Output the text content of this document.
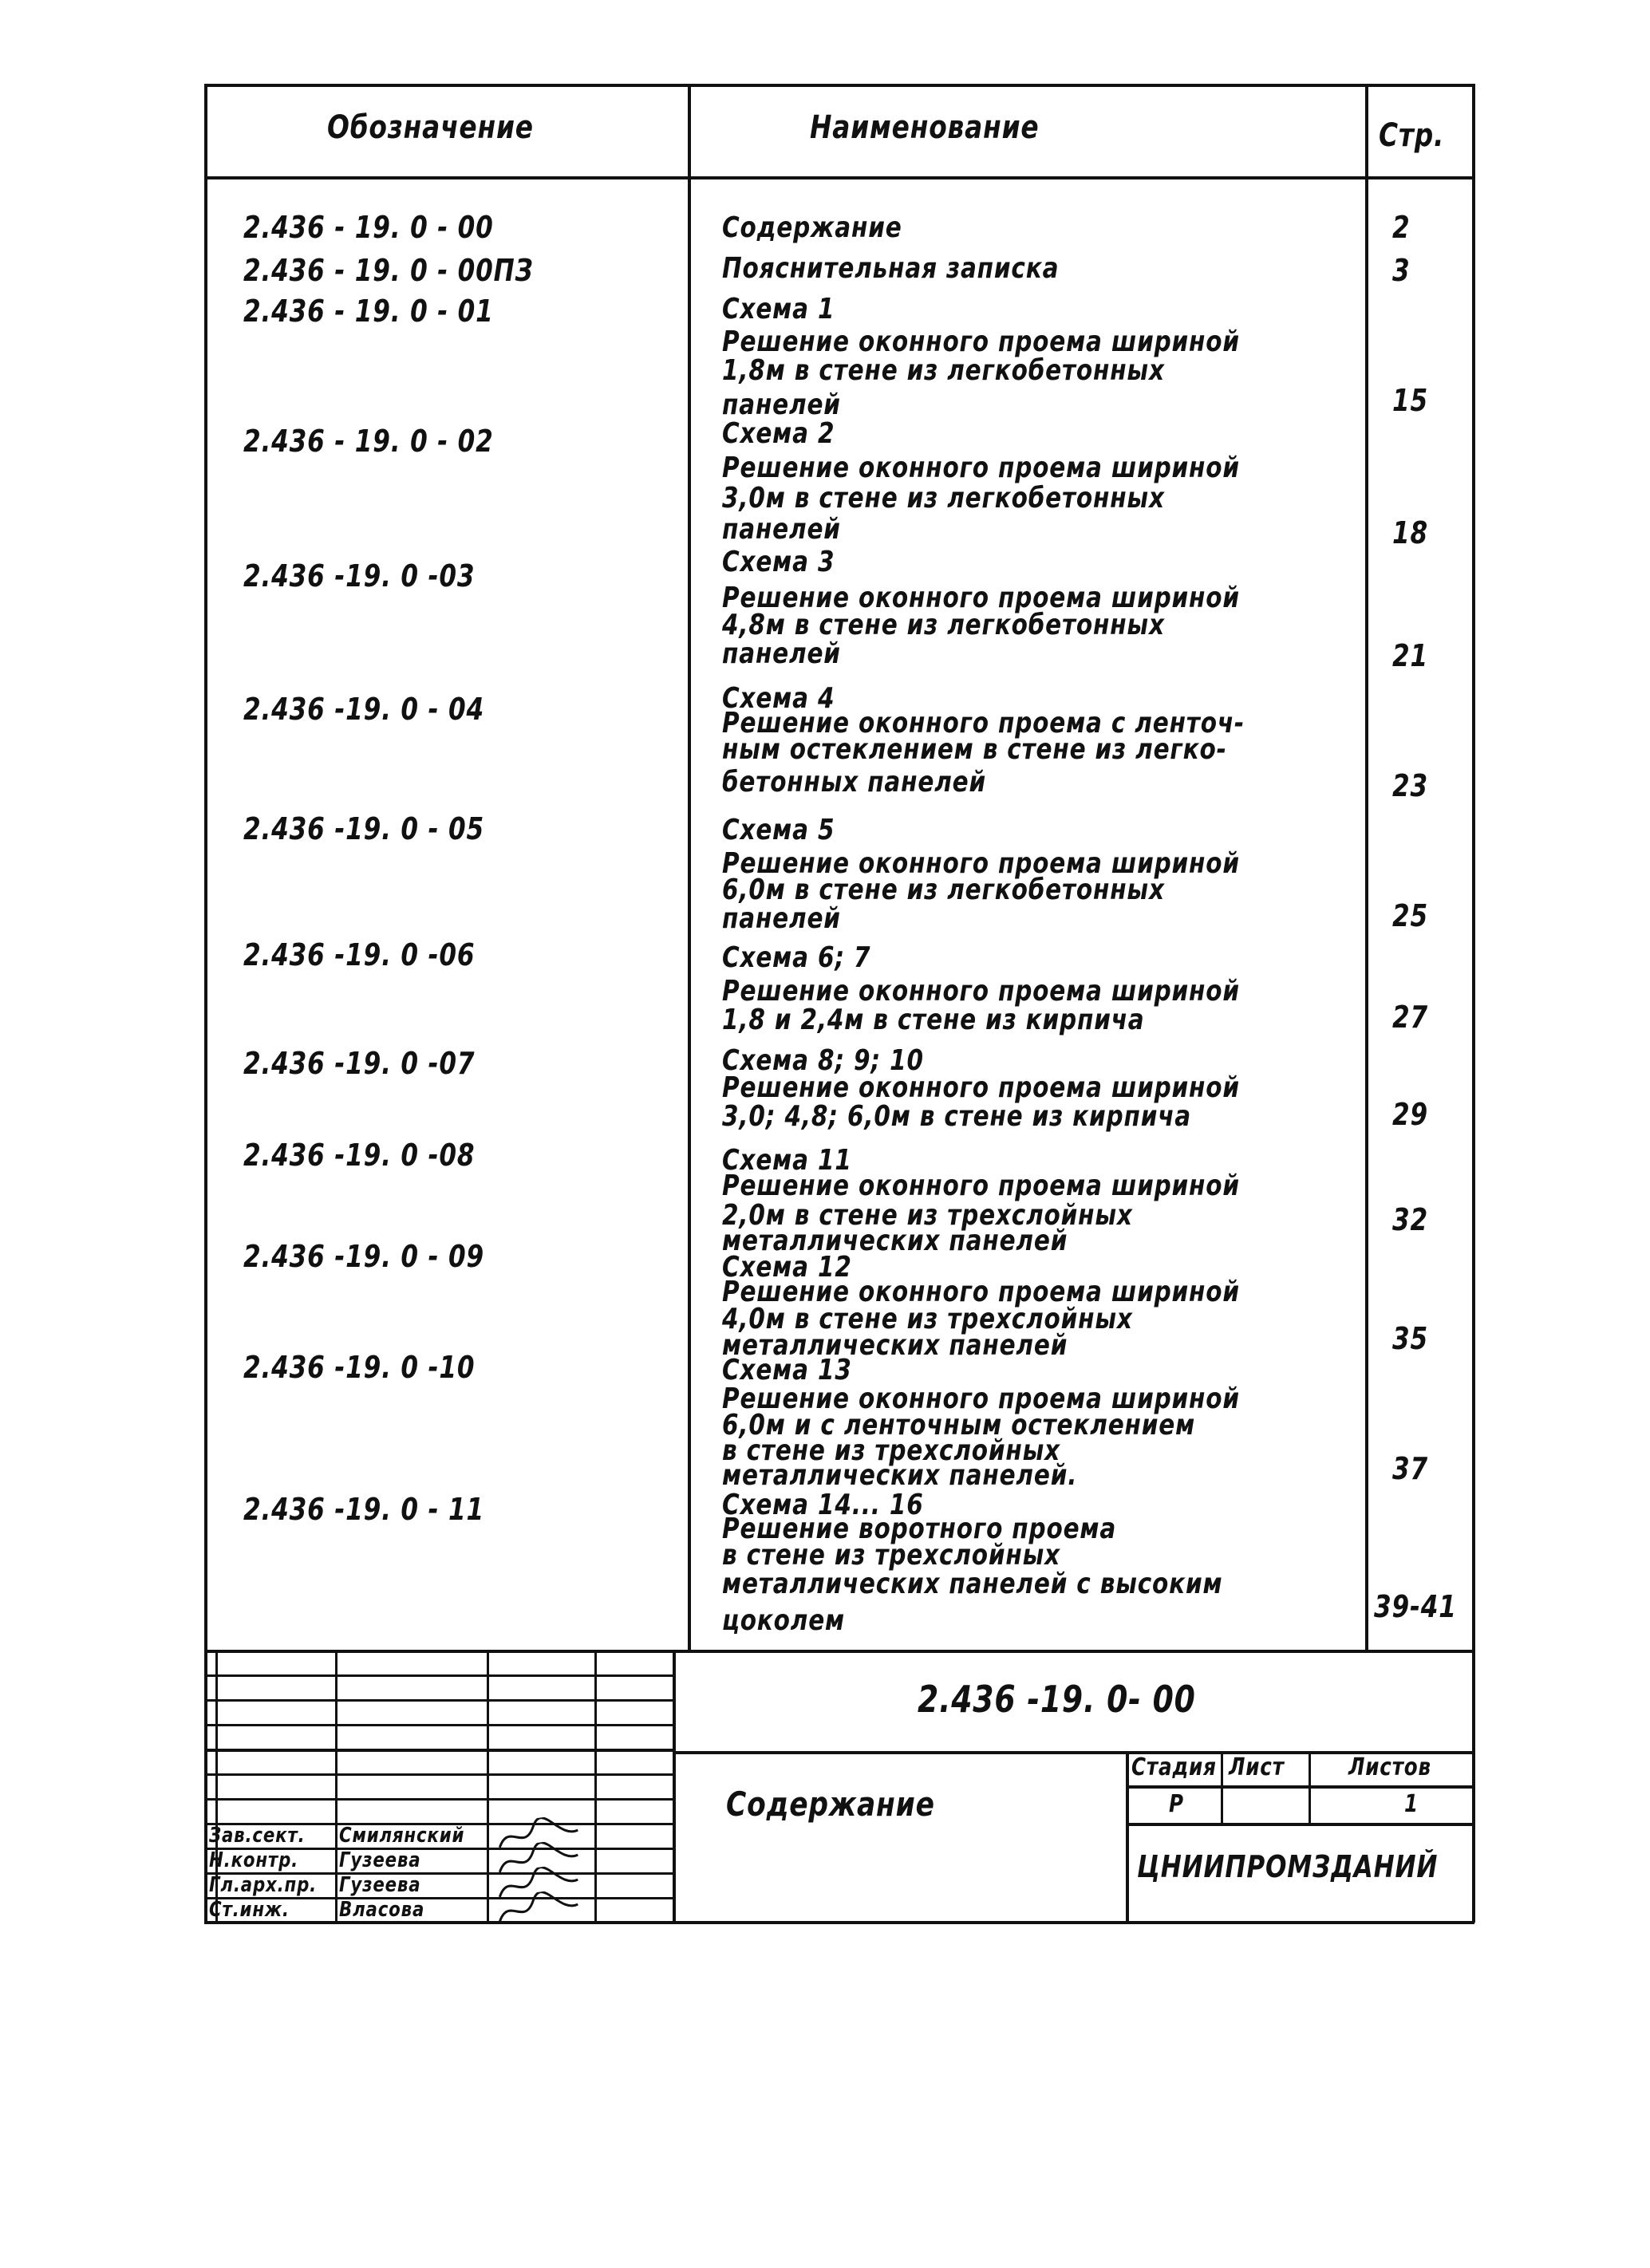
Обозначение	Наименование	Стр.
2.436 - 19. 0 - 00	Содержание	2
2.436 - 19. 0 - 00ПЗ	Пояснительная записка	3
2.436 - 19. 0 - 01	Схема 1
Решение оконного проема шириной
1,8м в стене из легкобетонных
панелей	15
2.436 - 19. 0 - 02	Схема 2
Решение оконного проема шириной
3,0м в стене из легкобетонных
панелей	18
2.436 -19. 0 -03	Схема 3
Решение оконного проема шириной
4,8м в стене из легкобетонных
панелей	21
2.436 -19. 0 - 04	Схема 4
Решение оконного проема с ленточ-
ным остеклением в стене из легко-
бетонных панелей	23
2.436 -19. 0 - 05	Схема 5
Решение оконного проема шириной
6,0м в стене из легкобетонных
панелей	25
2.436 -19. 0 -06	Схема 6; 7
Решение оконного проема шириной
1,8 и 2,4м в стене из кирпича	27
2.436 -19. 0 -07	Схема 8; 9; 10
Решение оконного проема шириной
3,0; 4,8; 6,0м в стене из кирпича	29
2.436 -19. 0 -08	Схема 11
Решение оконного проема шириной
2,0м в стене из трехслойных
металлических панелей
32
2.436 -19. 0 - 09	Схема 12
Решение оконного проема шириной
4,0м в стене из трехслойных
металлических панелей	35
2.436 -19. 0 -10	Схема 13
Решение оконного проема шириной
6,0м и с ленточным остеклением
в стене из трехслойных
металлических панелей.	37
2.436 -19. 0 - 11	Схема 14... 16
Решение воротного проема
в стене из трехслойных
металлических панелей с высоким
цоколем	39-41
2.436 -19. 0- 00
Содержание
Стадия Лист	Листов
Р	1
ЦНИИПРОМЗДАНИЙ
Зав.сект. Смилянский
Н.контр. Гузеева
Гл.арх.пр. Гузеева
Ст.инж. Власова
